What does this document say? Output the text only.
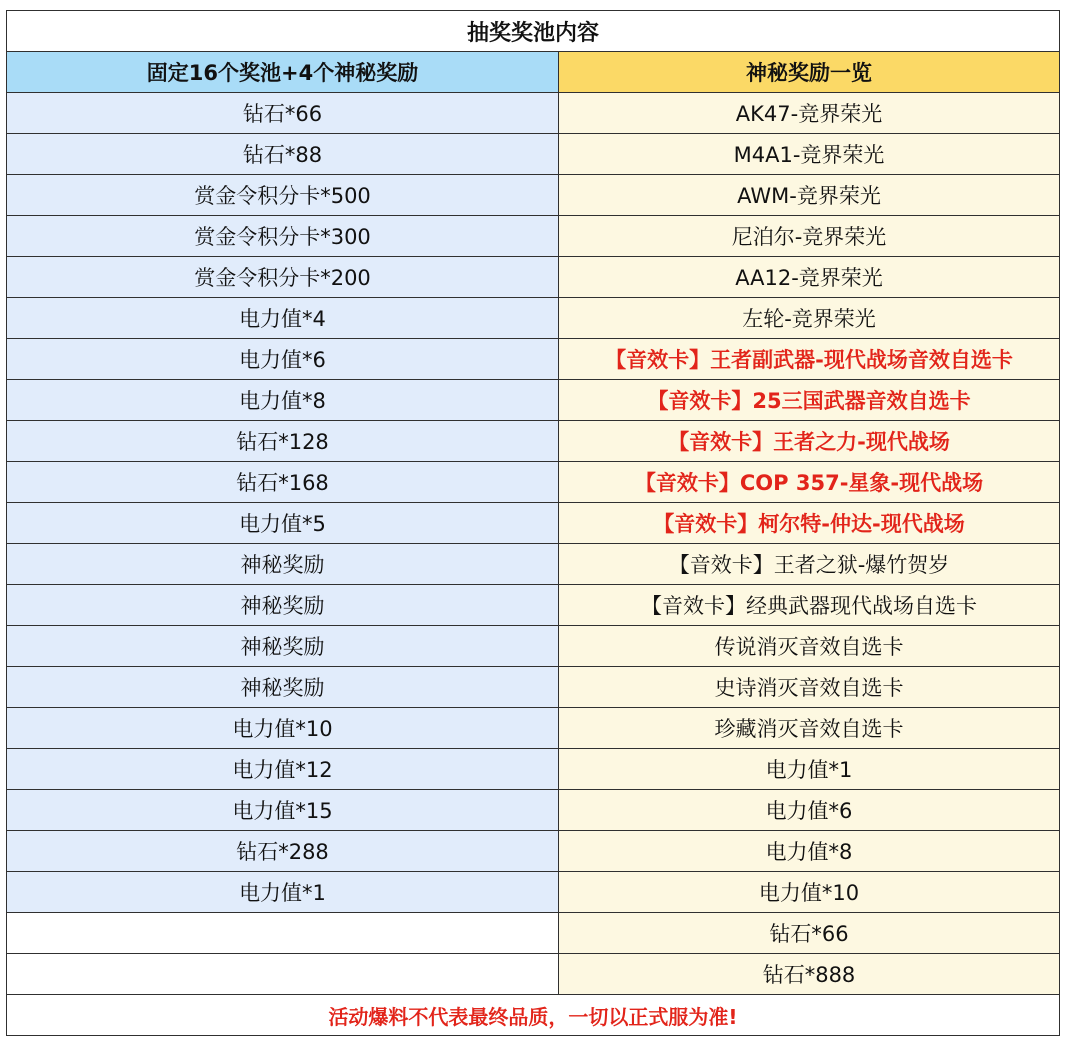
抽奖奖池内容	
固定16个奖池+4个神秘奖励	神秘奖励一览
钻石*66	AK47-竞界荣光
钻石*88	M4A1-竞界荣光
赏金令积分卡*500	AWM-竞界荣光
赏金令积分卡*300	尼泊尔-竞界荣光
赏金令积分卡*200	AA12-竞界荣光
电力值*4	左轮-竞界荣光
电力值*6	【音效卡】王者副武器-现代战场音效自选卡
电力值*8	【音效卡】25三国武器音效自选卡
钻石*128	【音效卡】王者之力-现代战场
钻石*168	【音效卡】COP 357-星象-现代战场
电力值*5	【音效卡】柯尔特-仲达-现代战场
神秘奖励	【音效卡】王者之狱-爆竹贺岁
神秘奖励	【音效卡】经典武器现代战场自选卡
神秘奖励	传说消灭音效自选卡
神秘奖励	史诗消灭音效自选卡
电力值*10	珍藏消灭音效自选卡
电力值*12	电力值*1
电力值*15	电力值*6
钻石*288	电力值*8
电力值*1	电力值*10
	钻石*66
	钻石*888
活动爆料不代表最终品质，一切以正式服为准!	
